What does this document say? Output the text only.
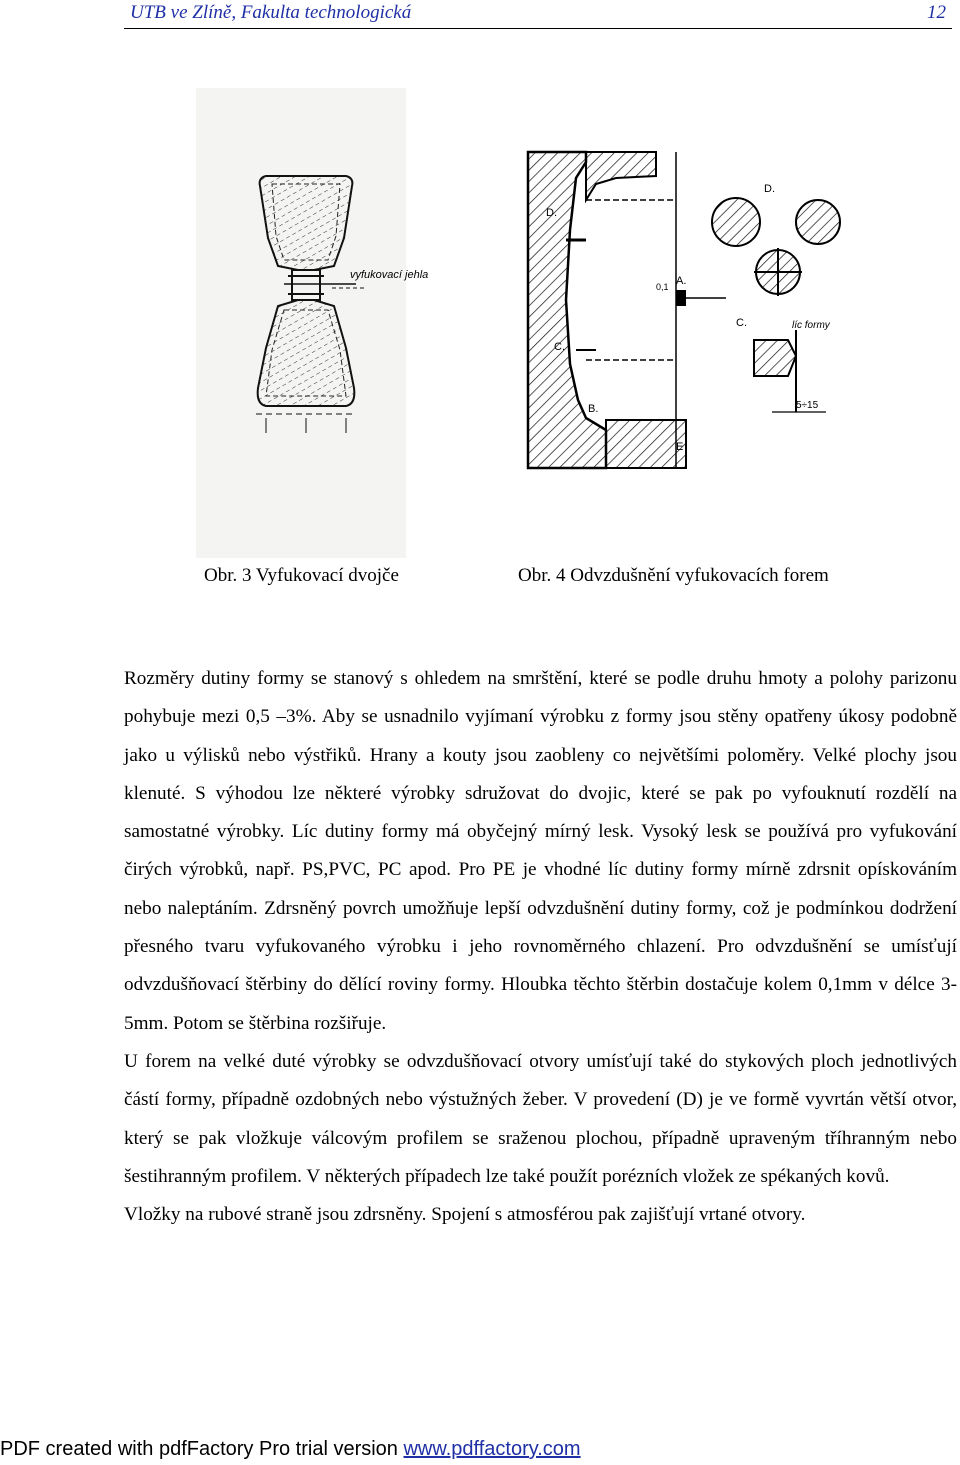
UTB ve Zlíně, Fakulta technologická	12
vyfukovací jehla
D.
C.
B.
A.
D.
C.
E
líc formy
5÷15
0,1
Obr. 3 Vyfukovací dvojče	Obr. 4 Odvzdušnění vyfukovacích forem

Rozměry dutiny formy se stanový s ohledem na smrštění, které se podle druhu hmoty a polohy parizonu pohybuje mezi 0,5 –3%. Aby se usnadnilo vyjímaní výrobku z formy jsou stěny opatřeny úkosy podobně jako u výlisků nebo výstřiků. Hrany a kouty jsou zaobleny co největšími poloměry. Velké plochy jsou klenuté. S výhodou lze některé výrobky sdružovat do dvojic, které se pak po vyfouknutí rozdělí na samostatné výrobky. Líc dutiny formy má obyčejný mírný lesk. Vysoký lesk se používá pro vyfukování čirých výrobků, např. PS,PVC, PC apod. Pro PE je vhodné líc dutiny formy mírně zdrsnit opískováním nebo naleptáním. Zdrsněný povrch umožňuje lepší odvzdušnění dutiny formy, což je podmínkou dodržení přesného tvaru vyfukovaného výrobku i jeho rovnoměrného chlazení. Pro odvzdušnění se umísťují odvzdušňovací štěrbiny do dělící roviny formy. Hloubka těchto štěrbin dostačuje kolem 0,1mm v délce 3-5mm. Potom se štěrbina rozšiřuje.

U forem na velké duté výrobky se odvzdušňovací otvory umísťují také do stykových ploch jednotlivých částí formy, případně ozdobných nebo výstužných žeber. V provedení (D) je ve formě vyvrtán větší otvor, který se pak vložkuje válcovým profilem se sraženou plochou, případně upraveným tříhranným nebo šestihranným profilem. V některých případech lze také použít porézních vložek ze spékaných kovů.

Vložky na rubové straně jsou zdrsněny. Spojení s atmosférou pak zajišťují vrtané otvory.

PDF created with pdfFactory Pro trial version www.pdffactory.com
